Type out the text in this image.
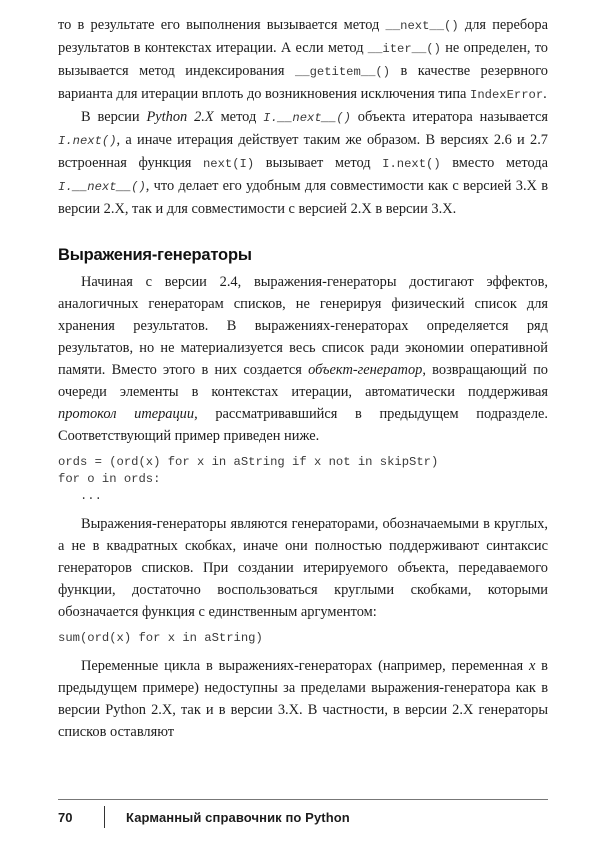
то в результате его выполнения вызывается метод __next__() для перебора результатов в контекстах итерации. А если метод __iter__() не определен, то вызывается метод индексирования __getitem__() в качестве резервного варианта для итерации вплоть до возникновения исключения типа IndexError.

В версии Python 2.X метод I.__next__() объекта итератора называется I.next(), а иначе итерация действует таким же образом. В версиях 2.6 и 2.7 встроенная функция next(I) вызывает метод I.next() вместо метода I.__next__(), что делает его удобным для совместимости как с версией 3.X в версии 2.X, так и для совместимости с версией 2.X в версии 3.X.

Выражения-генераторы

Начиная с версии 2.4, выражения-генераторы достигают эффектов, аналогичных генераторам списков, не генерируя физический список для хранения результатов. В выражениях-генераторах определяется ряд результатов, но не материализуется весь список ради экономии оперативной памяти. Вместо этого в них создается объект-генератор, возвращающий по очереди элементы в контекстах итерации, автоматически поддерживая протокол итерации, рассматривавшийся в предыдущем подразделе. Соответствующий пример приведен ниже.

ords = (ord(x) for x in aString if x not in skipStr)
for o in ords:
...

Выражения-генераторы являются генераторами, обозначаемыми в круглых, а не в квадратных скобках, иначе они полностью поддерживают синтаксис генераторов списков. При создании итерируемого объекта, передаваемого функции, достаточно воспользоваться круглыми скобками, которыми обозначается функция с единственным аргументом:

sum(ord(x) for x in aString)

Переменные цикла в выражениях-генераторах (например, переменная x в предыдущем примере) недоступны за пределами выражения-генератора как в версии Python 2.X, так и в версии 3.X. В частности, в версии 2.X генераторы списков оставляют

70	Карманный справочник по Python
